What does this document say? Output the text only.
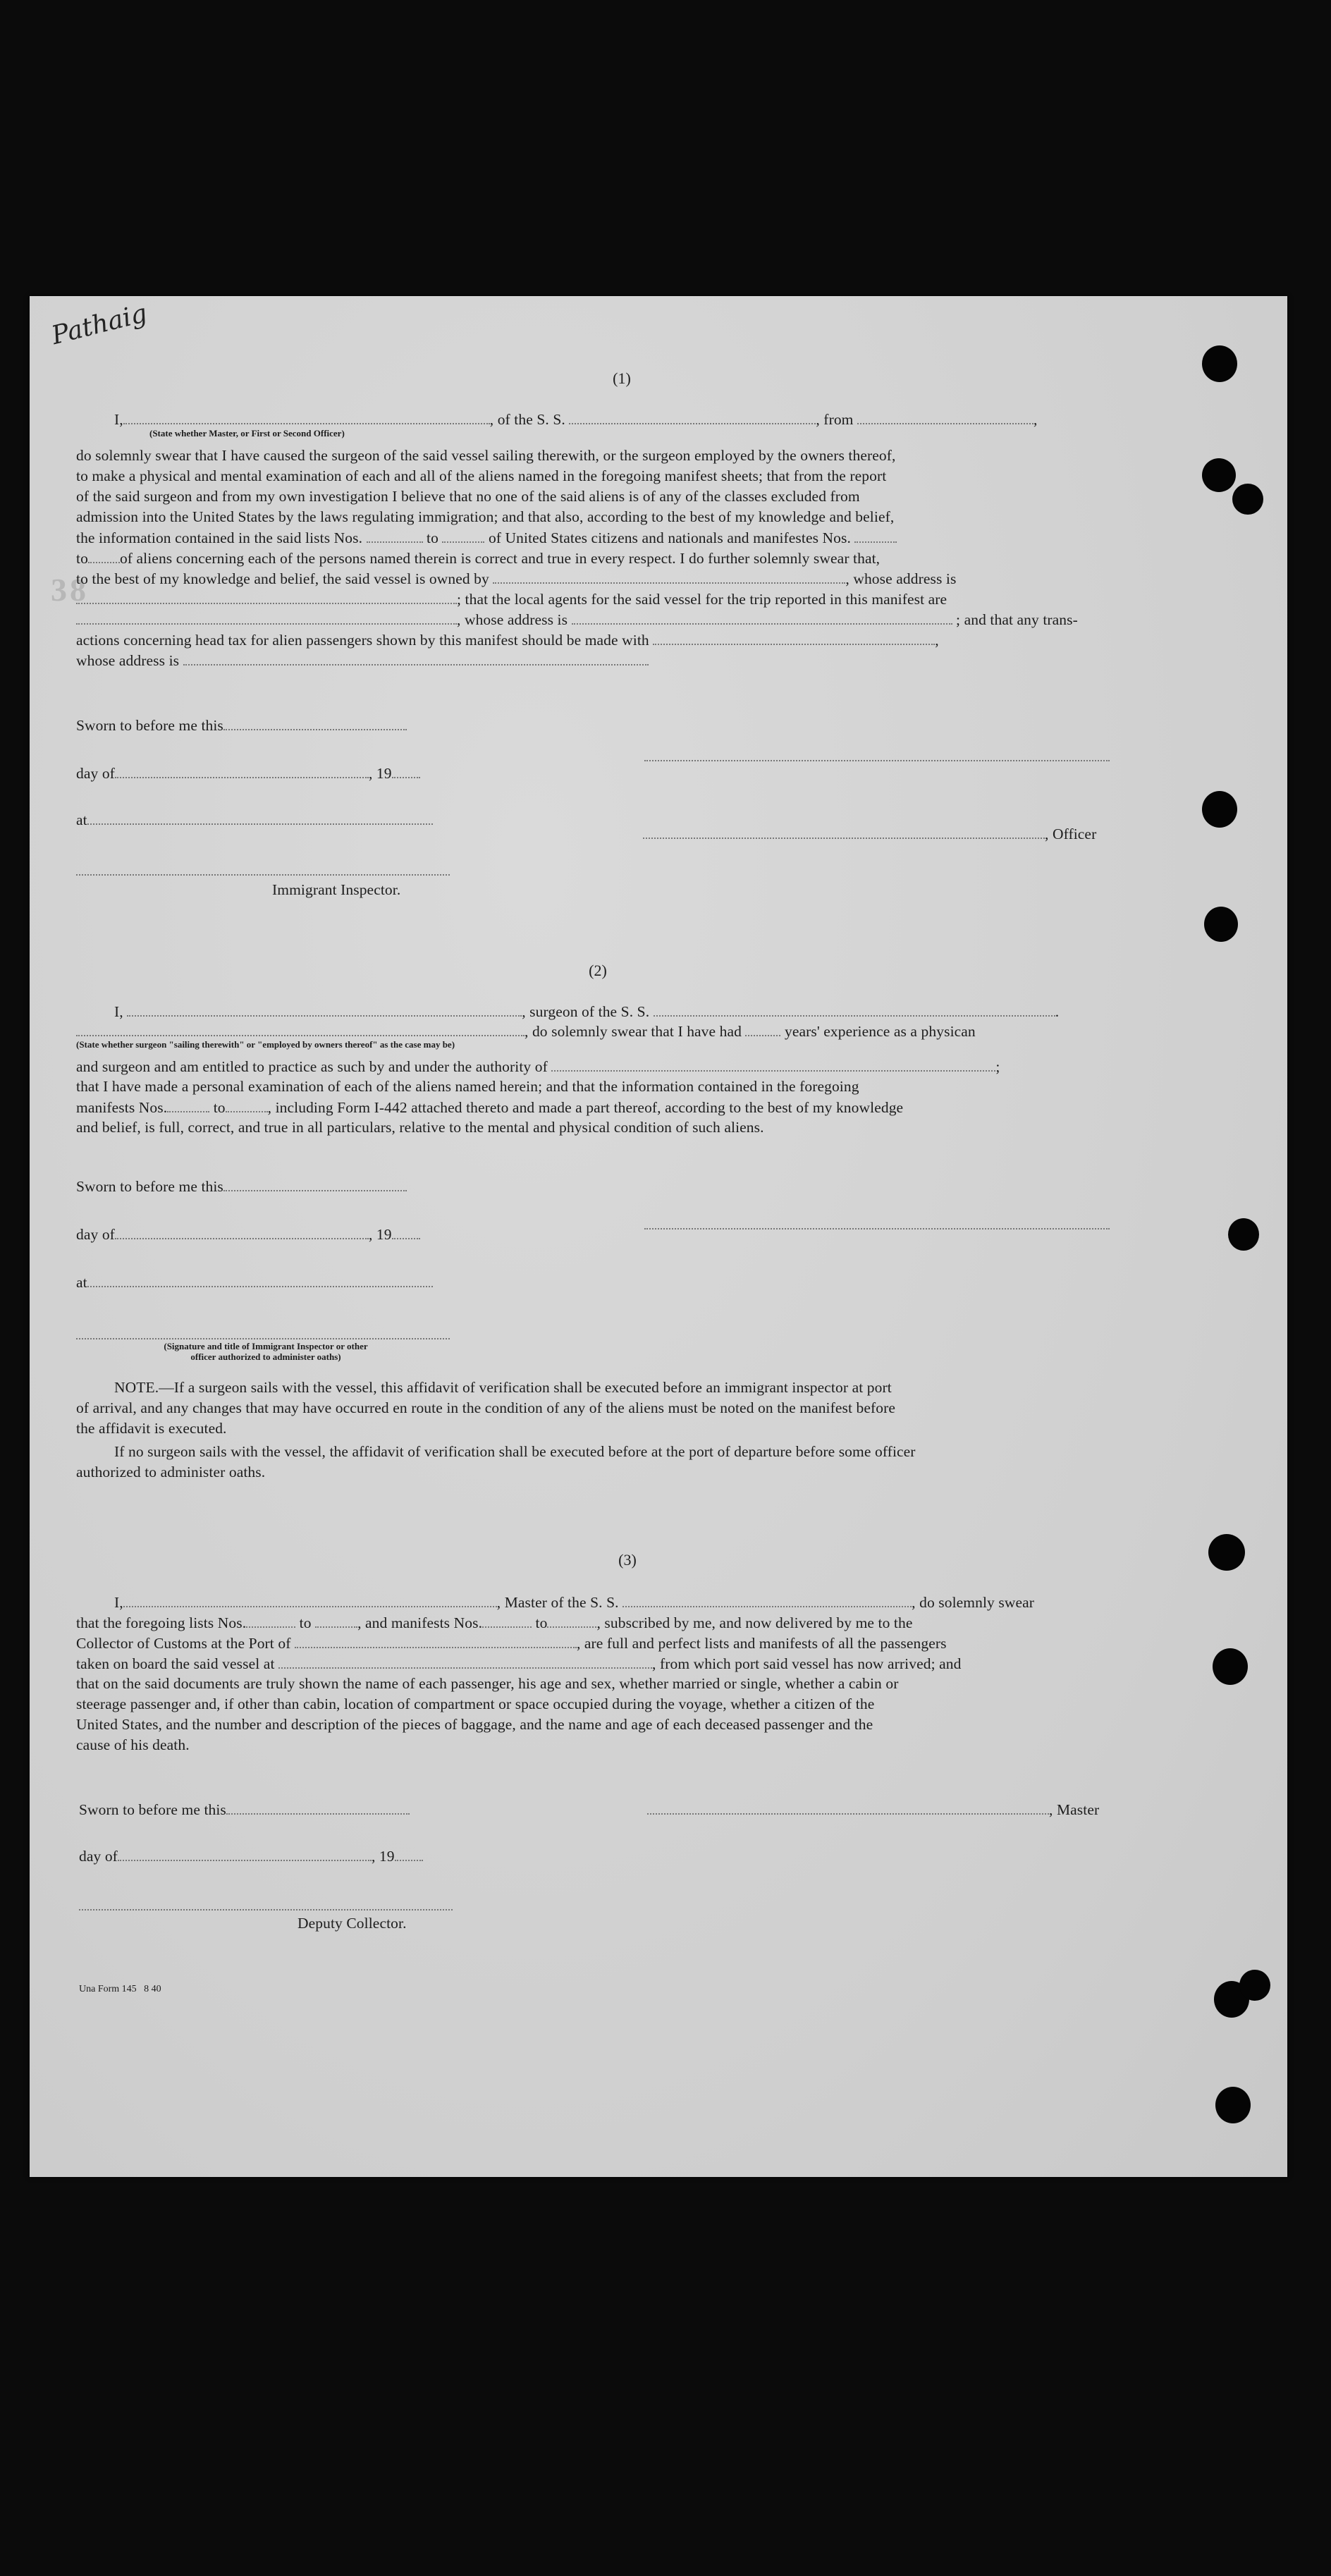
Pathaig
38
(1)
I,	, of the S. S.	, from	,
(State whether Master, or First or Second Officer)
do solemnly swear that I have caused the surgeon of the said vessel sailing therewith, or the surgeon employed by the owners thereof,
to make a physical and mental examination of each and all of the aliens named in the foregoing manifest sheets; that from the report
of the said surgeon and from my own investigation I believe that no one of the said aliens is of any of the classes excluded from
admission into the United States by the laws regulating immigration; and that also, according to the best of my knowledge and belief,
the information contained in the said lists Nos.	to	of United States citizens and nationals and manifestes Nos.
to of aliens concerning each of the persons named therein is correct and true in every respect. I do further solemnly swear that,
to the best of my knowledge and belief, the said vessel is owned by	, whose address is
; that the local agents for the said vessel for the trip reported in this manifest are
, whose address is	; and that any trans-
actions concerning head tax for alien passengers shown by this manifest should be made with	,
whose address is
Sworn to before me this
day of	, 19
at
, Officer
Immigrant Inspector.
(2)
I,	, surgeon of the S. S.	.
, do solemnly swear that I have had	years' experience as a physican
(State whether surgeon "sailing therewith" or "employed by owners thereof" as the case may be)
and surgeon and am entitled to practice as such by and under the authority of	;
that I have made a personal examination of each of the aliens named herein; and that the information contained in the foregoing
manifests Nos.	to	, including Form I-442 attached thereto and made a part thereof, according to the best of my knowledge
and belief, is full, correct, and true in all particulars, relative to the mental and physical condition of such aliens.
Sworn to before me this
day of	, 19
at
(Signature and title of Immigrant Inspector or other
officer authorized to administer oaths)
NOTE.—If a surgeon sails with the vessel, this affidavit of verification shall be executed before an immigrant inspector at port
of arrival, and any changes that may have occurred en route in the condition of any of the aliens must be noted on the manifest before
the affidavit is executed.
If no surgeon sails with the vessel, the affidavit of verification shall be executed before at the port of departure before some officer
authorized to administer oaths.
(3)
I,	, Master of the S. S.	, do solemnly swear
that the foregoing lists Nos.	to	, and manifests Nos.	to	, subscribed by me, and now delivered by me to the
Collector of Customs at the Port of	, are full and perfect lists and manifests of all the passengers
taken on board the said vessel at	, from which port said vessel has now arrived; and
that on the said documents are truly shown the name of each passenger, his age and sex, whether married or single, whether a cabin or
steerage passenger and, if other than cabin, location of compartment or space occupied during the voyage, whether a citizen of the
United States, and the number and description of the pieces of baggage, and the name and age of each deceased passenger and the
cause of his death.
Sworn to before me this	, Master
day of	, 19
Deputy Collector.
Una Form 145   8 40
